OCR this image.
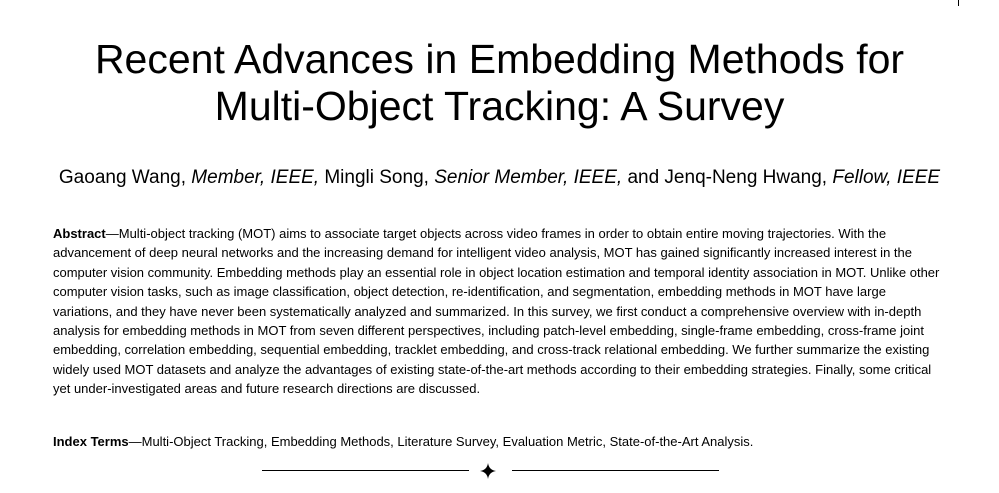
Recent Advances in Embedding Methods for
Multi-Object Tracking: A Survey
Gaoang Wang, Member, IEEE, Mingli Song, Senior Member, IEEE, and Jenq-Neng Hwang, Fellow, IEEE

Abstract—Multi-object tracking (MOT) aims to associate target objects across video frames in order to obtain entire moving trajectories. With the advancement of deep neural networks and the increasing demand for intelligent video analysis, MOT has gained significantly increased interest in the computer vision community. Embedding methods play an essential role in object location estimation and temporal identity association in MOT. Unlike other computer vision tasks, such as image classification, object detection, re-identification, and segmentation, embedding methods in MOT have large variations, and they have never been systematically analyzed and summarized. In this survey, we first conduct a comprehensive overview with in-depth analysis for embedding methods in MOT from seven different perspectives, including patch-level embedding, single-frame embedding, cross-frame joint embedding, correlation embedding, sequential embedding, tracklet embedding, and cross-track relational embedding. We further summarize the existing widely used MOT datasets and analyze the advantages of existing state-of-the-art methods according to their embedding strategies. Finally, some critical yet under-investigated areas and future research directions are discussed.

Index Terms—Multi-Object Tracking, Embedding Methods, Literature Survey, Evaluation Metric, State-of-the-Art Analysis.
